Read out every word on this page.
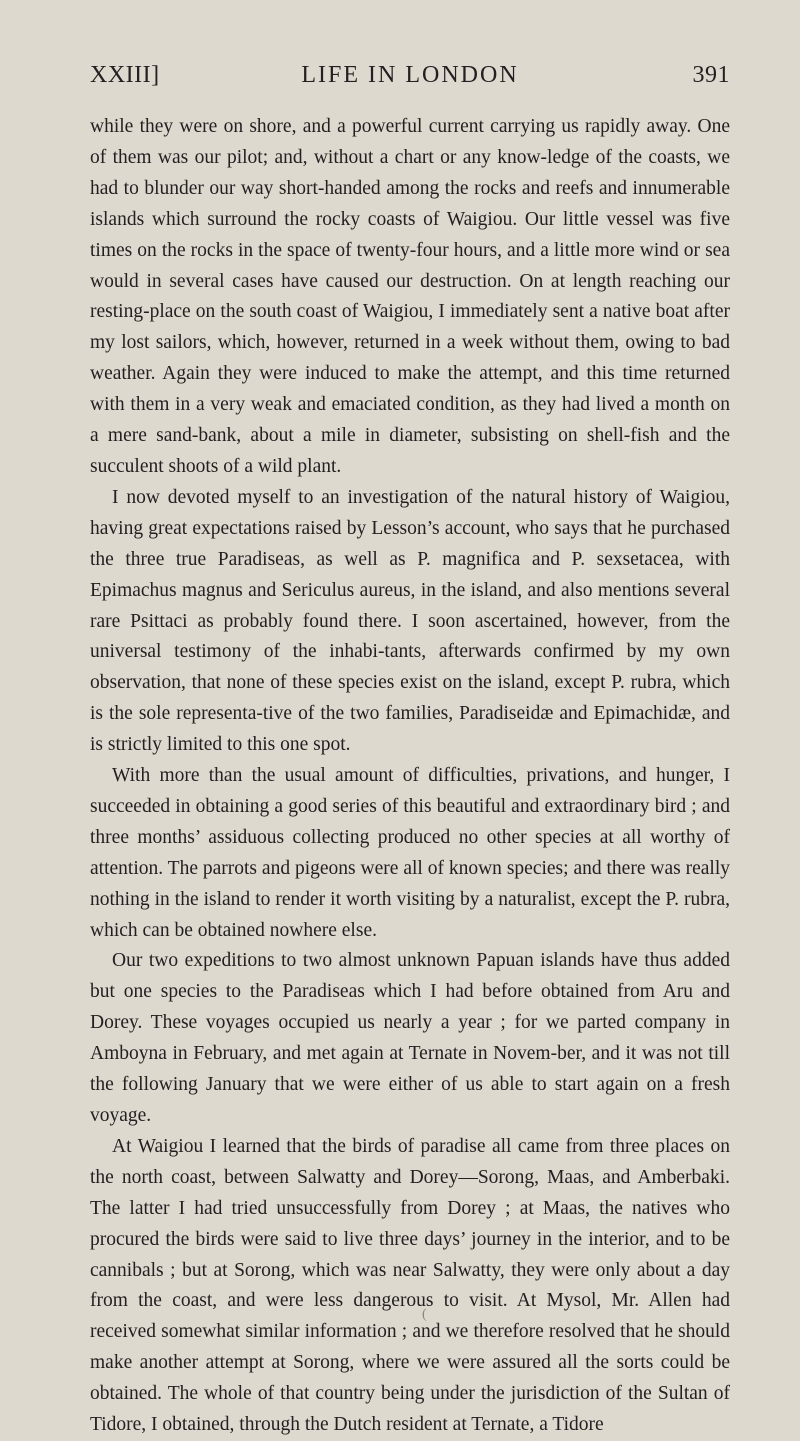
XXIII]	LIFE IN LONDON	391

while they were on shore, and a powerful current carrying us rapidly away. One of them was our pilot; and, without a chart or any know-ledge of the coasts, we had to blunder our way short-handed among the rocks and reefs and innumerable islands which surround the rocky coasts of Waigiou. Our little vessel was five times on the rocks in the space of twenty-four hours, and a little more wind or sea would in several cases have caused our destruction. On at length reaching our resting-place on the south coast of Waigiou, I immediately sent a native boat after my lost sailors, which, however, returned in a week without them, owing to bad weather. Again they were induced to make the attempt, and this time returned with them in a very weak and emaciated condition, as they had lived a month on a mere sand-bank, about a mile in diameter, subsisting on shell-fish and the succulent shoots of a wild plant.

I now devoted myself to an investigation of the natural history of Waigiou, having great expectations raised by Lesson’s account, who says that he purchased the three true Paradiseas, as well as P. magnifica and P. sexsetacea, with Epimachus magnus and Sericulus aureus, in the island, and also mentions several rare Psittaci as probably found there. I soon ascertained, however, from the universal testimony of the inhabi-tants, afterwards confirmed by my own observation, that none of these species exist on the island, except P. rubra, which is the sole representa-tive of the two families, Paradiseidæ and Epimachidæ, and is strictly limited to this one spot.

With more than the usual amount of difficulties, privations, and hunger, I succeeded in obtaining a good series of this beautiful and extraordinary bird ; and three months’ assiduous collecting produced no other species at all worthy of attention. The parrots and pigeons were all of known species; and there was really nothing in the island to render it worth visiting by a naturalist, except the P. rubra, which can be obtained nowhere else.

Our two expeditions to two almost unknown Papuan islands have thus added but one species to the Paradiseas which I had before obtained from Aru and Dorey. These voyages occupied us nearly a year ; for we parted company in Amboyna in February, and met again at Ternate in Novem-ber, and it was not till the following January that we were either of us able to start again on a fresh voyage.

At Waigiou I learned that the birds of paradise all came from three places on the north coast, between Salwatty and Dorey—Sorong, Maas, and Amberbaki. The latter I had tried unsuccessfully from Dorey ; at Maas, the natives who procured the birds were said to live three days’ journey in the interior, and to be cannibals ; but at Sorong, which was near Salwatty, they were only about a day from the coast, and were less dangerous to visit. At Mysol, Mr. Allen had received somewhat similar information ; and we therefore resolved that he should make another attempt at Sorong, where we were assured all the sorts could be obtained. The whole of that country being under the jurisdiction of the Sultan of Tidore, I obtained, through the Dutch resident at Ternate, a Tidore

(
